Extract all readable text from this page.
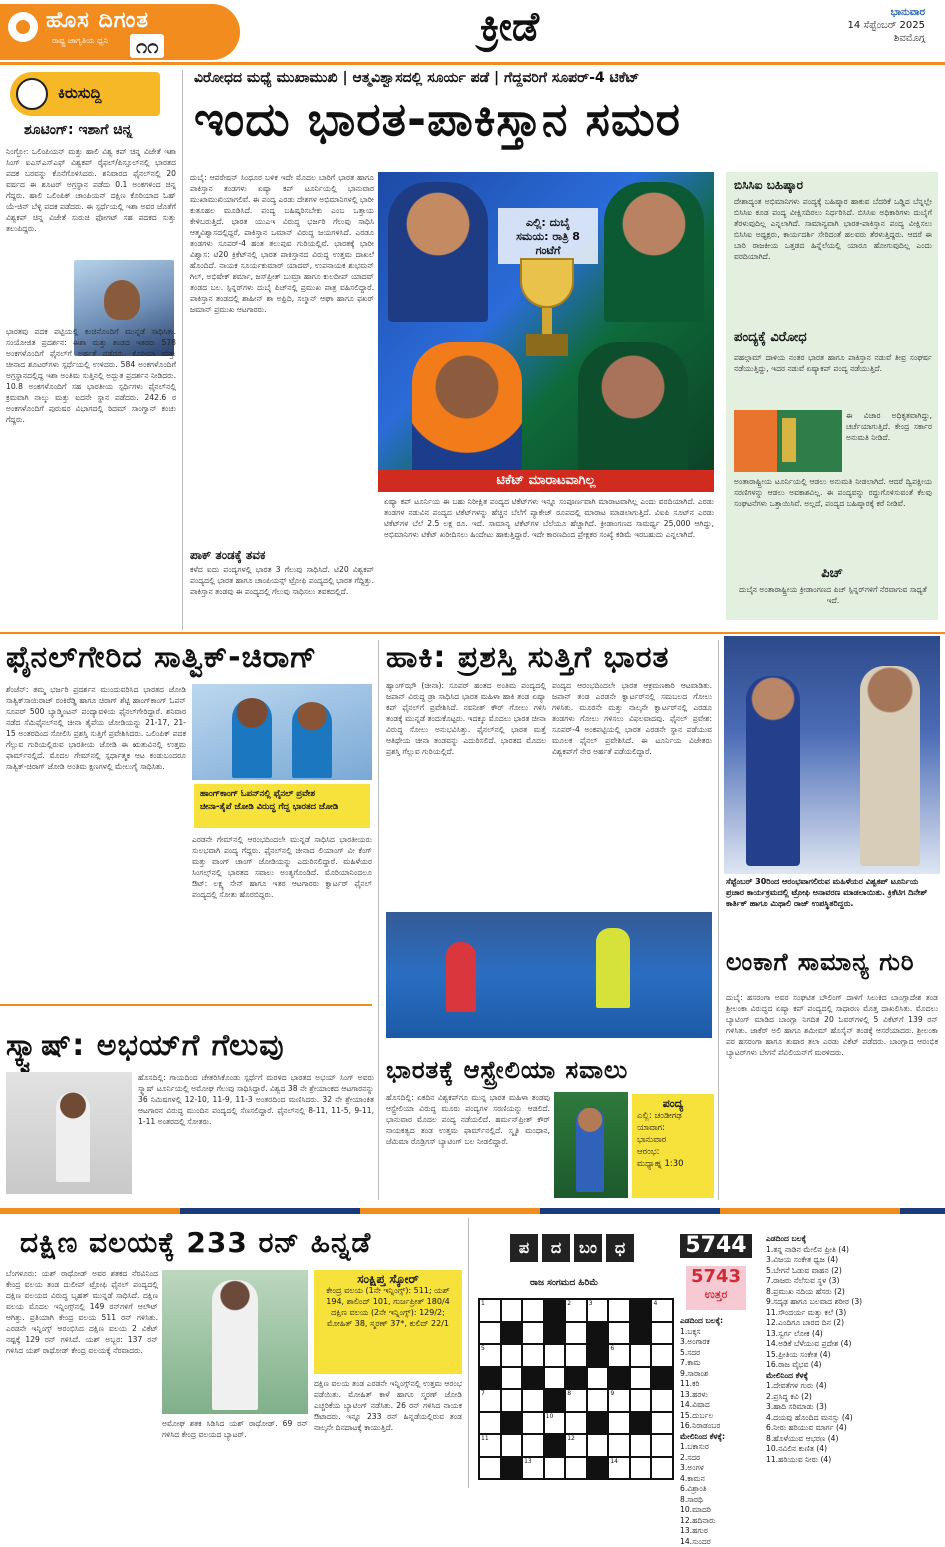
ಹೊಸ ದಿಗಂತ
ರಾಷ್ಟ್ರ ಜಾಗೃತಿಯ ಧ್ವನಿ	೧೧	ಕ್ರೀಡೆ	ಭಾನುವಾರ
14 ಸೆಪ್ಟೆಂಬರ್ 2025
ಶಿವಮೊಗ್ಗ
ಕಿರುಸುದ್ದಿ
ಶೂಟಿಂಗ್: ಇಶಾಗೆ ಚಿನ್ನ
ನಿಂಗ್ಬೋ: ಒಲಿಂಪಿಯನ್ ಮತ್ತು ಹಾಲಿ ವಿಶ್ವ ಕಪ್ ಚಿನ್ನ ವಿಜೇತೆ ಇಶಾ ಸಿಂಗ್ ಐಎಸ್‌ಎಸ್‌ಎಫ್ ವಿಶ್ವಕಪ್ ರೈಫಲ್/ಪಿಸ್ತೂಲ್‌ನಲ್ಲಿ ಭಾರತದ ಪದಕ ಬರವನ್ನು ಕೊನೆಗೊಳಿಸಿದರು. ಶನಿವಾರದ ಫೈನಲ್‌ನಲ್ಲಿ 20 ವರ್ಷದ ಈ ಶೂಟರ್ ಅಗ್ರಸ್ಥಾನ ಪಡೆದು 0.1 ಅಂಕಗಳಿಂದ ಚಿನ್ನ ಗೆದ್ದರು. ಹಾಲಿ ಒಲಿಂಪಿಕ್ ಚಾಂಪಿಯನ್ ದಕ್ಷಿಣ ಕೊರಿಯಾದ ಓಹ್ ಯೆ-ಜಿನ್ ಬೆಳ್ಳಿ ಪದಕ ಪಡೆದರು. ಈ ಸ್ಪರ್ಧೆಯಲ್ಲಿ ಇಶಾ ಅವರ ಜೊತೆಗೆ ವಿಶ್ವಕಪ್ ಚಿನ್ನ ವಿಜೇತೆ ಸುರುಚಿ ಫೋಗಟ್ ಸಹ ಪದಕದ ಸುತ್ತು ತಲುಪಿದ್ದರು.
ಭಾರತವು ಪದಕ ಪಟ್ಟಿಯಲ್ಲಿ ಕಂಚಿನೊಂದಿಗೆ ಮುನ್ನಡೆ ಸಾಧಿಸಿತು. ಸಂಯೋಜಿತ ಪ್ರದರ್ಶನ: ಈಶಾ ಮತ್ತು ತಂಡದ ಇತರರು 578 ಅಂಕಗಳೊಂದಿಗೆ ಫೈನಲ್‌ಗೆ ಅರ್ಹತೆ ಪಡೆದರು. ಕೊರಿಯಾ ಮತ್ತು ಚೀನಾದ ಶೂಟರ್‌ಗಳು ಸ್ಪರ್ಧೆಯಲ್ಲಿ ಉಳಿದರು. 584 ಅಂಕಗಳೊಂದಿಗೆ ಅಗ್ರಸ್ಥಾನದಲ್ಲಿದ್ದ ಇಶಾ ಅಂತಿಮ ಸುತ್ತಿನಲ್ಲಿ ಅದ್ಭುತ ಪ್ರದರ್ಶನ ನೀಡಿದರು. 10.8 ಅಂಕಗಳೊಂದಿಗೆ ಸಹ ಭಾರತೀಯ ಸ್ಪರ್ಧಿಗಳು ಫೈನಲ್‌ನಲ್ಲಿ ಕ್ರಮವಾಗಿ ನಾಲ್ಕು ಮತ್ತು ಐದನೇ ಸ್ಥಾನ ಪಡೆದರು. 242.6 ರ ಅಂಕಗಳೊಂದಿಗೆ ಪುರುಷರ ವಿಭಾಗದಲ್ಲಿ ರಿದಮ್ ಸಾಂಗ್ವಾನ್ ಕಂಚು ಗೆದ್ದರು.
ವಿರೋಧದ ಮಧ್ಯೆ ಮುಖಾಮುಖಿ | ಆತ್ಮವಿಶ್ವಾಸದಲ್ಲಿ ಸೂರ್ಯ ಪಡೆ | ಗೆದ್ದವರಿಗೆ ಸೂಪರ್-4 ಟಿಕೆಟ್
ಇಂದು ಭಾರತ-ಪಾಕಿಸ್ತಾನ ಸಮರ
ದುಬೈ: ಆಪರೇಷನ್ ಸಿಂಧೂರ ಬಳಿಕ ಇದೇ ಮೊದಲ ಬಾರಿಗೆ ಭಾರತ ಹಾಗೂ ಪಾಕಿಸ್ತಾನ ತಂಡಗಳು ಏಷ್ಯಾ ಕಪ್ ಟೂರ್ನಿಯಲ್ಲಿ ಭಾನುವಾರ ಮುಖಾಮುಖಿಯಾಗಲಿವೆ. ಈ ಪಂದ್ಯ ಎರಡು ದೇಶಗಳ ಅಭಿಮಾನಿಗಳಲ್ಲಿ ಭಾರೀ ಕುತೂಹಲ ಮೂಡಿಸಿದೆ. ಪಂದ್ಯ ಬಹಿಷ್ಕರಿಸಬೇಕು ಎಂಬ ಒತ್ತಾಯ ಕೇಳಿಬರುತ್ತಿದೆ. ಭಾರತ ಯುಎಇ ವಿರುದ್ಧ ಭರ್ಜರಿ ಗೆಲುವು ಸಾಧಿಸಿ ಆತ್ಮವಿಶ್ವಾಸದಲ್ಲಿದ್ದರೆ, ಪಾಕಿಸ್ತಾನ ಒಮಾನ್ ವಿರುದ್ಧ ಜಯಗಳಿಸಿದೆ. ಎರಡೂ ತಂಡಗಳು ಸೂಪರ್-4 ಹಂತ ತಲುಪುವ ಗುರಿಯಲ್ಲಿವೆ. ಭಾರತಕ್ಕೆ ಭಾರೀ ವಿಶ್ವಾಸ: ಟಿ20 ಕ್ರಿಕೆಟ್‌ನಲ್ಲಿ ಭಾರತ ಪಾಕಿಸ್ತಾನದ ವಿರುದ್ಧ ಉತ್ತಮ ದಾಖಲೆ ಹೊಂದಿದೆ. ನಾಯಕ ಸೂರ್ಯಕುಮಾರ್ ಯಾದವ್, ಉಪನಾಯಕ ಶುಭಮನ್ ಗಿಲ್, ಅಭಿಷೇಕ್ ಶರ್ಮಾ, ಜಸ್‌ಪ್ರೀತ್ ಬುಮ್ರಾ ಹಾಗೂ ಕುಲದೀಪ್ ಯಾದವ್ ತಂಡದ ಬಲ. ಸ್ಪಿನ್ನರ್‌ಗಳು ದುಬೈ ಪಿಚ್‌ನಲ್ಲಿ ಪ್ರಮುಖ ಪಾತ್ರ ವಹಿಸಲಿದ್ದಾರೆ. ಪಾಕಿಸ್ತಾನ ತಂಡದಲ್ಲಿ ಶಾಹೀನ್ ಶಾ ಅಫ್ರಿದಿ, ಸಲ್ಮಾನ್ ಆಘಾ ಹಾಗೂ ಫಖರ್ ಜಮಾನ್ ಪ್ರಮುಖ ಆಟಗಾರರು.
ಎಲ್ಲಿ: ದುಬೈ
ಸಮಯ: ರಾತ್ರಿ 8 ಗಂಟೆಗೆ
ಟಿಕೆಟ್ ಮಾರಾಟವಾಗಿಲ್ಲ
ಏಷ್ಯಾ ಕಪ್ ಟೂರ್ನಿಯ ಈ ಬಹು ನಿರೀಕ್ಷಿತ ಪಂದ್ಯದ ಟಿಕೆಟ್‌ಗಳು ಇನ್ನೂ ಸಂಪೂರ್ಣವಾಗಿ ಮಾರಾಟವಾಗಿಲ್ಲ ಎಂದು ವರದಿಯಾಗಿದೆ. ಎರಡು ತಂಡಗಳ ನಡುವಿನ ಪಂದ್ಯದ ಟಿಕೆಟ್‌ಗಳನ್ನು ಹೆಚ್ಚಿನ ಬೆಲೆಗೆ ಪ್ಯಾಕೇಜ್ ರೂಪದಲ್ಲಿ ಮಾರಾಟ ಮಾಡಲಾಗುತ್ತಿದೆ. ವಿಐಪಿ ಸೂಟ್‌ನ ಎರಡು ಟಿಕೆಟ್‌ಗಳ ಬೆಲೆ 2.5 ಲಕ್ಷ ರೂ. ಇದೆ. ಸಾಮಾನ್ಯ ಟಿಕೆಟ್‌ಗಳ ಬೆಲೆಯೂ ಹೆಚ್ಚಾಗಿದೆ. ಕ್ರೀಡಾಂಗಣದ ಸಾಮರ್ಥ್ಯ 25,000 ಆಗಿದ್ದು, ಅಭಿಮಾನಿಗಳು ಟಿಕೆಟ್ ಖರೀದಿಸಲು ಹಿಂದೇಟು ಹಾಕುತ್ತಿದ್ದಾರೆ. ಇದೇ ಕಾರಣದಿಂದ ಪ್ರೇಕ್ಷಕರ ಸಂಖ್ಯೆ ಕಡಿಮೆ ಇರಬಹುದು ಎನ್ನಲಾಗಿದೆ.
ಪಾಕ್ ತಂಡಕ್ಕೆ ತವಕ
ಕಳೆದ ಐದು ಪಂದ್ಯಗಳಲ್ಲಿ ಭಾರತ 3 ಗೆಲುವು ಸಾಧಿಸಿದೆ. ಟಿ20 ವಿಶ್ವಕಪ್ ಪಂದ್ಯದಲ್ಲಿ ಭಾರತ ಹಾಗೂ ಚಾಂಪಿಯನ್ಸ್ ಟ್ರೋಫಿ ಪಂದ್ಯದಲ್ಲಿ ಭಾರತ ಗೆದ್ದಿತ್ತು. ಪಾಕಿಸ್ತಾನ ತಂಡವು ಈ ಪಂದ್ಯದಲ್ಲಿ ಗೆಲುವು ಸಾಧಿಸಲು ತವಕದಲ್ಲಿದೆ.
ಬಿಸಿಸಿಐ ಬಹಿಷ್ಕಾರ
ದೇಶಾದ್ಯಂತ ಅಭಿಮಾನಿಗಳು ಪಂದ್ಯಕ್ಕೆ ಬಹಿಷ್ಕಾರ ಹಾಕುವ ಬೆದರಿಕೆ ಒಡ್ಡಿದ ಬೆನ್ನಲ್ಲೇ ಬಿಸಿಸಿಐ ಕೂಡ ಪಂದ್ಯ ವೀಕ್ಷಿಸದಿರಲು ನಿರ್ಧರಿಸಿದೆ. ಬಿಸಿಸಿಐ ಅಧಿಕಾರಿಗಳು ದುಬೈಗೆ ತೆರಳುವುದಿಲ್ಲ ಎನ್ನಲಾಗಿದೆ. ಸಾಮಾನ್ಯವಾಗಿ ಭಾರತ-ಪಾಕಿಸ್ತಾನ ಪಂದ್ಯ ವೀಕ್ಷಿಸಲು ಬಿಸಿಸಿಐ ಅಧ್ಯಕ್ಷರು, ಕಾರ್ಯದರ್ಶಿ ಸೇರಿದಂತೆ ಹಲವರು ತೆರಳುತ್ತಿದ್ದರು. ಆದರೆ ಈ ಬಾರಿ ರಾಜಕೀಯ ಒತ್ತಡದ ಹಿನ್ನೆಲೆಯಲ್ಲಿ ಯಾರೂ ಹೋಗುವುದಿಲ್ಲ ಎಂದು ವರದಿಯಾಗಿದೆ.
ಪಂದ್ಯಕ್ಕೆ ವಿರೋಧ
ಪಹಲ್ಗಾಮ್ ದಾಳಿಯ ನಂತರ ಭಾರತ ಹಾಗೂ ಪಾಕಿಸ್ತಾನ ನಡುವೆ ತೀವ್ರ ಸಂಘರ್ಷ ನಡೆಯುತ್ತಿದ್ದು, ಇದರ ನಡುವೆ ಏಷ್ಯಾಕಪ್ ಪಂದ್ಯ ನಡೆಯುತ್ತಿದೆ.
ಈ ವಿಚಾರ ಅಧಿಕೃತವಾಗಿದ್ದು, ಚರ್ಚೆಯಾಗುತ್ತಿದೆ. ಕೇಂದ್ರ ಸರ್ಕಾರ ಅನುಮತಿ ನೀಡಿದೆ.
ಅಂತಾರಾಷ್ಟ್ರೀಯ ಟೂರ್ನಿಯಲ್ಲಿ ಆಡಲು ಅನುಮತಿ ನೀಡಲಾಗಿದೆ. ಆದರೆ ದ್ವಿಪಕ್ಷೀಯ ಸರಣಿಗಳನ್ನು ಆಡಲು ಅವಕಾಶವಿಲ್ಲ. ಈ ಪಂದ್ಯವನ್ನು ರದ್ದುಗೊಳಿಸುವಂತೆ ಕೆಲವು ಸಂಘಟನೆಗಳು ಒತ್ತಾಯಿಸಿವೆ. ಅಲ್ಲದೆ, ಪಂದ್ಯದ ಬಹಿಷ್ಕಾರಕ್ಕೆ ಕರೆ ನೀಡಿವೆ.
ಪಿಚ್
ದುಬೈನ ಅಂತಾರಾಷ್ಟ್ರೀಯ ಕ್ರೀಡಾಂಗಣದ ಪಿಚ್ ಸ್ಪಿನ್ನರ್‌ಗಳಿಗೆ ನೆರವಾಗುವ ಸಾಧ್ಯತೆ ಇದೆ.
ಫೈನಲ್‌ಗೇರಿದ ಸಾತ್ವಿಕ್-ಚಿರಾಗ್
ಶೆಂಜೆನ್: ತಮ್ಮ ಭರ್ಜರಿ ಪ್ರದರ್ಶನ ಮುಂದುವರಿಸಿದ ಭಾರತದ ಜೋಡಿ ಸಾತ್ವಿಕ್‌ಸಾಯಿರಾಜ್ ರಂಕಿರೆಡ್ಡಿ ಹಾಗೂ ಚಿರಾಗ್ ಶೆಟ್ಟಿ ಹಾಂಗ್‌ಕಾಂಗ್ ಓಪನ್ ಸೂಪರ್ 500 ಬ್ಯಾಡ್ಮಿಂಟನ್ ಪಂದ್ಯಾವಳಿಯ ಫೈನಲ್‌ಗೇರಿದ್ದಾರೆ. ಶನಿವಾರ ನಡೆದ ಸೆಮಿಫೈನಲ್‌ನಲ್ಲಿ ಚೀನಾ ತೈಪೆಯ ಜೋಡಿಯನ್ನು 21-17, 21-15 ಅಂತರದಿಂದ ಸೋಲಿಸಿ ಪ್ರಶಸ್ತಿ ಸುತ್ತಿಗೆ ಪ್ರವೇಶಿಸಿದರು. ಒಲಿಂಪಿಕ್ ಪದಕ ಗೆಲ್ಲುವ ಗುರಿಯಲ್ಲಿರುವ ಭಾರತೀಯ ಜೋಡಿ ಈ ಋತುವಿನಲ್ಲಿ ಉತ್ತಮ ಫಾರ್ಮ್‌ನಲ್ಲಿದೆ. ಮೊದಲ ಗೇಮ್‌ನಲ್ಲಿ ಸ್ಪರ್ಧಾತ್ಮಕ ಆಟ ಕಂಡುಬಂದರೂ ಸಾತ್ವಿಕ್-ಚಿರಾಗ್ ಜೋಡಿ ಅಂತಿಮ ಕ್ಷಣಗಳಲ್ಲಿ ಮೇಲುಗೈ ಸಾಧಿಸಿತು.
ಹಾಂಗ್‌ಕಾಂಗ್ ಓಪನ್‌ನಲ್ಲಿ ಫೈನಲ್ ಪ್ರವೇಶ
ಚೀನಾ-ತೈಪೆ ಜೋಡಿ ವಿರುದ್ಧ ಗೆದ್ದ ಭಾರತದ ಜೋಡಿ
ಎರಡನೇ ಗೇಮ್‌ನಲ್ಲಿ ಆರಂಭದಿಂದಲೇ ಮುನ್ನಡೆ ಸಾಧಿಸಿದ ಭಾರತೀಯರು ಸುಲಭವಾಗಿ ಪಂದ್ಯ ಗೆದ್ದರು. ಫೈನಲ್‌ನಲ್ಲಿ ಚೀನಾದ ಲಿಯಾಂಗ್ ವೀ ಕೆಂಗ್ ಮತ್ತು ವಾಂಗ್ ಚಾಂಗ್ ಜೋಡಿಯನ್ನು ಎದುರಿಸಲಿದ್ದಾರೆ. ಮಹಿಳೆಯರ ಸಿಂಗಲ್ಸ್‌ನಲ್ಲಿ ಭಾರತದ ಸವಾಲು ಅಂತ್ಯಗೊಂಡಿದೆ. ಮೊರಿಯಾನಿಂದಲೂ ಔಟ್: ಲಕ್ಷ್ಯ ಸೇನ್ ಹಾಗೂ ಇತರ ಆಟಗಾರರು ಕ್ವಾರ್ಟರ್ ಫೈನಲ್ ಪಂದ್ಯದಲ್ಲಿ ಸೋತು ಹೊರಬಿದ್ದರು.
ಹಾಕಿ: ಪ್ರಶಸ್ತಿ ಸುತ್ತಿಗೆ ಭಾರತ
ಹ್ಯಾಂಗ್‌ಝೌ (ಚೀನಾ): ಸೂಪರ್ ಹಂತದ ಅಂತಿಮ ಪಂದ್ಯದಲ್ಲಿ ಜಪಾನ್ ವಿರುದ್ಧ ಡ್ರಾ ಸಾಧಿಸಿದ ಭಾರತ ಮಹಿಳಾ ಹಾಕಿ ತಂಡ ಏಷ್ಯಾ ಕಪ್ ಫೈನಲ್‌ಗೆ ಪ್ರವೇಶಿಸಿದೆ. ನವನೀತ್ ಕೌರ್ ಗೋಲು ಗಳಿಸಿ ತಂಡಕ್ಕೆ ಮುನ್ನಡೆ ತಂದುಕೊಟ್ಟರು. ಇದಕ್ಕೂ ಮೊದಲು ಭಾರತ ಚೀನಾ ವಿರುದ್ಧ ಸೋಲು ಅನುಭವಿಸಿತ್ತು. ಫೈನಲ್‌ನಲ್ಲಿ ಭಾರತ ಮತ್ತೆ ಆತಿಥೇಯ ಚೀನಾ ತಂಡವನ್ನು ಎದುರಿಸಲಿದೆ. ಭಾರತದ ಮೊದಲ ಪ್ರಶಸ್ತಿ ಗೆಲ್ಲುವ ಗುರಿಯಲ್ಲಿದೆ.
ಪಂದ್ಯದ ಆರಂಭದಿಂದಲೇ ಭಾರತ ಆಕ್ರಮಣಕಾರಿ ಆಟವಾಡಿತು. ಜಪಾನ್ ತಂಡ ಎರಡನೇ ಕ್ವಾರ್ಟರ್‌ನಲ್ಲಿ ಸಮಬಲದ ಗೋಲು ಗಳಿಸಿತು. ಮೂರನೇ ಮತ್ತು ನಾಲ್ಕನೇ ಕ್ವಾರ್ಟರ್‌ನಲ್ಲಿ ಎರಡೂ ತಂಡಗಳು ಗೋಲು ಗಳಿಸಲು ವಿಫಲವಾದವು. ಫೈನಲ್ ಪ್ರವೇಶ: ಸೂಪರ್-4 ಅಂಕಪಟ್ಟಿಯಲ್ಲಿ ಭಾರತ ಎರಡನೇ ಸ್ಥಾನ ಪಡೆಯುವ ಮೂಲಕ ಫೈನಲ್ ಪ್ರವೇಶಿಸಿದೆ. ಈ ಟೂರ್ನಿಯ ವಿಜೇತರು ವಿಶ್ವಕಪ್‌ಗೆ ನೇರ ಅರ್ಹತೆ ಪಡೆಯಲಿದ್ದಾರೆ.
ಸೆಪ್ಟೆಂಬರ್ 30ರಿಂದ ಆರಂಭವಾಗಲಿರುವ ಮಹಿಳೆಯರ ವಿಶ್ವಕಪ್ ಟೂರ್ನಿಯ ಪ್ರಚಾರ ಕಾರ್ಯಕ್ರಮದಲ್ಲಿ ಟ್ರೋಫಿ ಅನಾವರಣ ಮಾಡಲಾಯಿತು. ಕ್ರಿಕೆಟಿಗ ದಿನೇಶ್ ಕಾರ್ತಿಕ್ ಹಾಗೂ ಮಿಥಾಲಿ ರಾಜ್ ಉಪಸ್ಥಿತರಿದ್ದರು.
ಲಂಕಾಗೆ ಸಾಮಾನ್ಯ ಗುರಿ
ದುಬೈ: ಹಸರಂಗಾ ಅವರ ಸಂಘಟಿತ ಬೌಲಿಂಗ್ ದಾಳಿಗೆ ಸಿಲುಕಿದ ಬಾಂಗ್ಲಾದೇಶ ತಂಡ ಶ್ರೀಲಂಕಾ ವಿರುದ್ಧದ ಏಷ್ಯಾ ಕಪ್ ಪಂದ್ಯದಲ್ಲಿ ಸಾಧಾರಣ ಮೊತ್ತ ದಾಖಲಿಸಿತು. ಮೊದಲು ಬ್ಯಾಟಿಂಗ್ ಮಾಡಿದ ಬಾಂಗ್ಲಾ ನಿಗದಿತ 20 ಓವರ್‌ಗಳಲ್ಲಿ 5 ವಿಕೆಟ್‌ಗೆ 139 ರನ್ ಗಳಿಸಿತು. ಜಾಕೆರ್ ಅಲಿ ಹಾಗೂ ಶಮೀಮ್ ಹೊಸೈನ್ ತಂಡಕ್ಕೆ ಆಸರೆಯಾದರು. ಶ್ರೀಲಂಕಾ ಪರ ಹಸರಂಗಾ ಹಾಗೂ ತುಷಾರ ತಲಾ ಎರಡು ವಿಕೆಟ್ ಪಡೆದರು. ಬಾಂಗ್ಲಾದ ಆರಂಭಿಕ ಬ್ಯಾಟರ್‌ಗಳು ಬೇಗನೆ ಪೆವಿಲಿಯನ್‌ಗೆ ಮರಳಿದರು.
ಸ್ಕ್ವಾಷ್: ಅಭಯ್‌ಗೆ ಗೆಲುವು
ಹೊಸದಿಲ್ಲಿ: ಗಾಯದಿಂದ ಚೇತರಿಸಿಕೊಂಡು ಸ್ಪರ್ಧೆಗೆ ಮರಳಿದ ಭಾರತದ ಅಭಯ್ ಸಿಂಗ್ ಅವರು ಸ್ಕ್ವಾಷ್ ಟೂರ್ನಿಯಲ್ಲಿ ಅಮೋಘ ಗೆಲುವು ಸಾಧಿಸಿದ್ದಾರೆ. ವಿಶ್ವದ 38 ನೇ ಶ್ರೇಯಾಂಕದ ಆಟಗಾರನನ್ನು 36 ನಿಮಿಷಗಳಲ್ಲಿ 12-10, 11-9, 11-3 ಅಂತರದಿಂದ ಮಣಿಸಿದರು. 32 ನೇ ಶ್ರೇಯಾಂಕಿತ ಆಟಗಾರನ ವಿರುದ್ಧ ಮುಂದಿನ ಪಂದ್ಯದಲ್ಲಿ ಸೆಣಸಲಿದ್ದಾರೆ. ಫೈನಲ್‌ನಲ್ಲಿ 8-11, 11-5, 9-11, 1-11 ಅಂತರದಲ್ಲಿ ಸೋತರು.
ಭಾರತಕ್ಕೆ ಆಸ್ಟ್ರೇಲಿಯಾ ಸವಾಲು
ಹೊಸದಿಲ್ಲಿ: ಏಕದಿನ ವಿಶ್ವಕಪ್‌ಗೂ ಮುನ್ನ ಭಾರತ ಮಹಿಳಾ ತಂಡವು ಆಸ್ಟ್ರೇಲಿಯಾ ವಿರುದ್ಧ ಮೂರು ಪಂದ್ಯಗಳ ಸರಣಿಯನ್ನು ಆಡಲಿದೆ. ಭಾನುವಾರ ಮೊದಲ ಪಂದ್ಯ ನಡೆಯಲಿದೆ. ಹರ್ಮನ್‌ಪ್ರೀತ್ ಕೌರ್ ನಾಯಕತ್ವದ ತಂಡ ಉತ್ತಮ ಫಾರ್ಮ್‌ನಲ್ಲಿದೆ. ಸ್ಮೃತಿ ಮಂಧಾನ, ಜೆಮಿಮಾ ರೊಡ್ರಿಗಸ್ ಬ್ಯಾಟಿಂಗ್ ಬಲ ನೀಡಲಿದ್ದಾರೆ.
ಪಂದ್ಯ
ಎಲ್ಲಿ: ಚಂಡೀಗಢ
ಯಾವಾಗ:
ಭಾನುವಾರ
ಆರಂಭ:
ಮಧ್ಯಾಹ್ನ 1:30
ದಕ್ಷಿಣ ವಲಯಕ್ಕೆ 233 ರನ್ ಹಿನ್ನಡೆ
ಬೆಂಗಳೂರು: ಯಶ್ ರಾಥೋಡ್ ಅವರ ಶತಕದ ನೆರವಿನಿಂದ ಕೇಂದ್ರ ವಲಯ ತಂಡ ದುಲೀಪ್ ಟ್ರೋಫಿ ಫೈನಲ್ ಪಂದ್ಯದಲ್ಲಿ ದಕ್ಷಿಣ ವಲಯದ ವಿರುದ್ಧ ಬೃಹತ್ ಮುನ್ನಡೆ ಸಾಧಿಸಿದೆ. ದಕ್ಷಿಣ ವಲಯ ಮೊದಲ ಇನ್ನಿಂಗ್ಸ್‌ನಲ್ಲಿ 149 ರನ್‌ಗಳಿಗೆ ಆಲೌಟ್ ಆಗಿತ್ತು. ಪ್ರತಿಯಾಗಿ ಕೇಂದ್ರ ವಲಯ 511 ರನ್ ಗಳಿಸಿತು. ಎರಡನೇ ಇನ್ನಿಂಗ್ಸ್ ಆರಂಭಿಸಿದ ದಕ್ಷಿಣ ವಲಯ 2 ವಿಕೆಟ್ ನಷ್ಟಕ್ಕೆ 129 ರನ್ ಗಳಿಸಿದೆ. ಯಶ್ ಅಬ್ಬರ: 137 ರನ್ ಗಳಿಸಿದ ಯಶ್ ರಾಥೋಡ್ ಕೇಂದ್ರ ವಲಯಕ್ಕೆ ನೆರವಾದರು.
ಅಮೋಘ ಶತಕ ಸಿಡಿಸಿದ ಯಶ್ ರಾಥೋಡ್. 69 ರನ್ ಗಳಿಸಿದ ಕೇಂದ್ರ ವಲಯದ ಬ್ಯಾಟರ್.
ಸಂಕ್ಷಿಪ್ತ ಸ್ಕೋರ್
ಕೇಂದ್ರ ವಲಯ (1ನೇ ಇನ್ನಿಂಗ್ಸ್): 511; ಯಶ್ 194, ಶಾಲಿಂದ್ 101, ಗುರ್ಜಪ್ರೀತ್ 180/4 ದಕ್ಷಿಣ ವಲಯ (2ನೇ ಇನ್ನಿಂಗ್ಸ್): 129/2; ಮೋಹಿತ್ 38, ಸ್ಮರಣ್ 37*, ಕುಲಿದ್ 22/1
ದಕ್ಷಿಣ ವಲಯ ತಂಡ ಎರಡನೇ ಇನ್ನಿಂಗ್ಸ್‌ನಲ್ಲಿ ಉತ್ತಮ ಆರಂಭ ಪಡೆಯಿತು. ಮೋಹಿತ್ ಕಾಳೆ ಹಾಗೂ ಸ್ಮರಣ್ ಜೋಡಿ ಎಚ್ಚರಿಕೆಯ ಬ್ಯಾಟಿಂಗ್ ನಡೆಸಿತು. 26 ರನ್ ಗಳಿಸಿದ ನಾಯಕ ಔಟಾದರು. ಇನ್ನೂ 233 ರನ್ ಹಿನ್ನಡೆಯಲ್ಲಿರುವ ತಂಡ ನಾಲ್ಕನೇ ದಿನದಾಟಕ್ಕೆ ಕಾಯುತ್ತಿದೆ.
ಪ	ದ	ಬಂ	ಧ
ರಾಜ ಸಂಗಮದ ಹಿರಿಮೆ
1	2	3	4
5	6
7	8	9
10
11	12
13	14
5744
5743
ಉತ್ತರ
ಎಡದಿಂದ ಬಲಕ್ಕೆ:
1.ಬಕ್ಕಸ
3.ಅಂಗಾರಕ
5.ಸದರ
7.ಕಾಮ
9.ಸಾರಾಂಶ
11.ಕರಿ
13.ಹರಳು
14.ವಿಷಾದ
15.ದುರ್ಬಲ
16.ನಿರಾಡಂಬರ
ಮೇಲಿನಿಂದ ಕೆಳಕ್ಕೆ:
1.ಬಕಾಸುರ
2.ಸದರ
3.ಅಂಗಳ
4.ಕಾಮನ
6.ವಿಶ್ರಾಂತಿ
8.ಸಾರಥಿ
10.ಮಾದರಿ
12.ಹದಿನಾರು
13.ಹಗುರ
14.ಸುಂದರ
ಎಡದಿಂದ ಬಲಕ್ಕೆ
1.ತನ್ನ ನಾಡಿನ ಮೇಲಿನ ಪ್ರೀತಿ (4)
3.ವಿಜಯ ಸಂಕೇತ ಧ್ವಜ (4)
5.ಬೇಗನೆ ಓಡುವ ವಾಹನ (2)
7.ರಾಜರು ನೆಲೆಸುವ ಸ್ಥಳ (3)
8.ಪ್ರಮುಖ ನದಿಯ ಹೆಸರು (2)
9.ಸದೃಢ ಹಾಗೂ ಬಲವಾದ ಶರೀರ (3)
11.ಸೌಂದರ್ಯ ಮತ್ತು ಕಲೆ (3)
12.ಎಂದಿಗೂ ಬಾರದ ದಿನ (2)
13.ಸ್ವರ್ಗ ಲೋಕ (4)
14.ಅಡಿಕೆ ಬೆಳೆಯುವ ಪ್ರದೇಶ (4)
15.ಪ್ರೀತಿಯ ಸಂಕೇತ (4)
16.ರಾಜ ವೈಭವ (4)
ಮೇಲಿನಿಂದ ಕೆಳಕ್ಕೆ
1.ದೇವತೆಗಳ ಗುರು (4)
2.ಪ್ರಸಿದ್ಧ ಕವಿ (2)
3.ಹಾದಿ ಸರಿಮಾಡು (3)
4.ದಯವು ಹೊಂದಿದ ಮನಸ್ಸು (4)
6.ನೀರು ಹರಿಯುವ ಮಾರ್ಗ (4)
8.ಹೊಳೆಯುವ ಆಭರಣ (4)
10.ನವಿಲಿನ ಕುಣಿತ (4)
11.ಹರಿಯುವ ನೀರು (4)
